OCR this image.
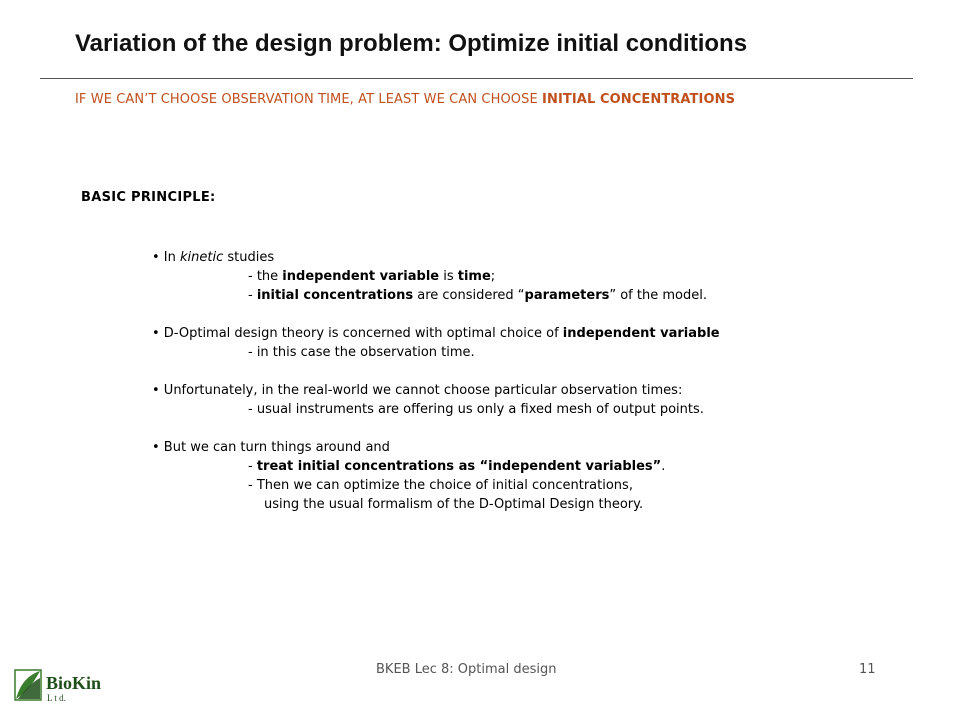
Variation of the design problem: Optimize initial conditions
IF WE CAN’T CHOOSE OBSERVATION TIME, AT LEAST WE CAN CHOOSE INITIAL CONCENTRATIONS
BASIC PRINCIPLE:
• In kinetic studies
- the independent variable is time;
- initial concentrations are considered “parameters” of the model.
• D-Optimal design theory is concerned with optimal choice of independent variable
- in this case the observation time.
• Unfortunately, in the real-world we cannot choose particular observation times:
- usual instruments are offering us only a fixed mesh of output points.
• But we can turn things around and
- treat initial concentrations as “independent variables”.
- Then we can optimize the choice of initial concentrations,
using the usual formalism of the D-Optimal Design theory.
BKEB Lec 8: Optimal design	11
BioKin
L t d.
